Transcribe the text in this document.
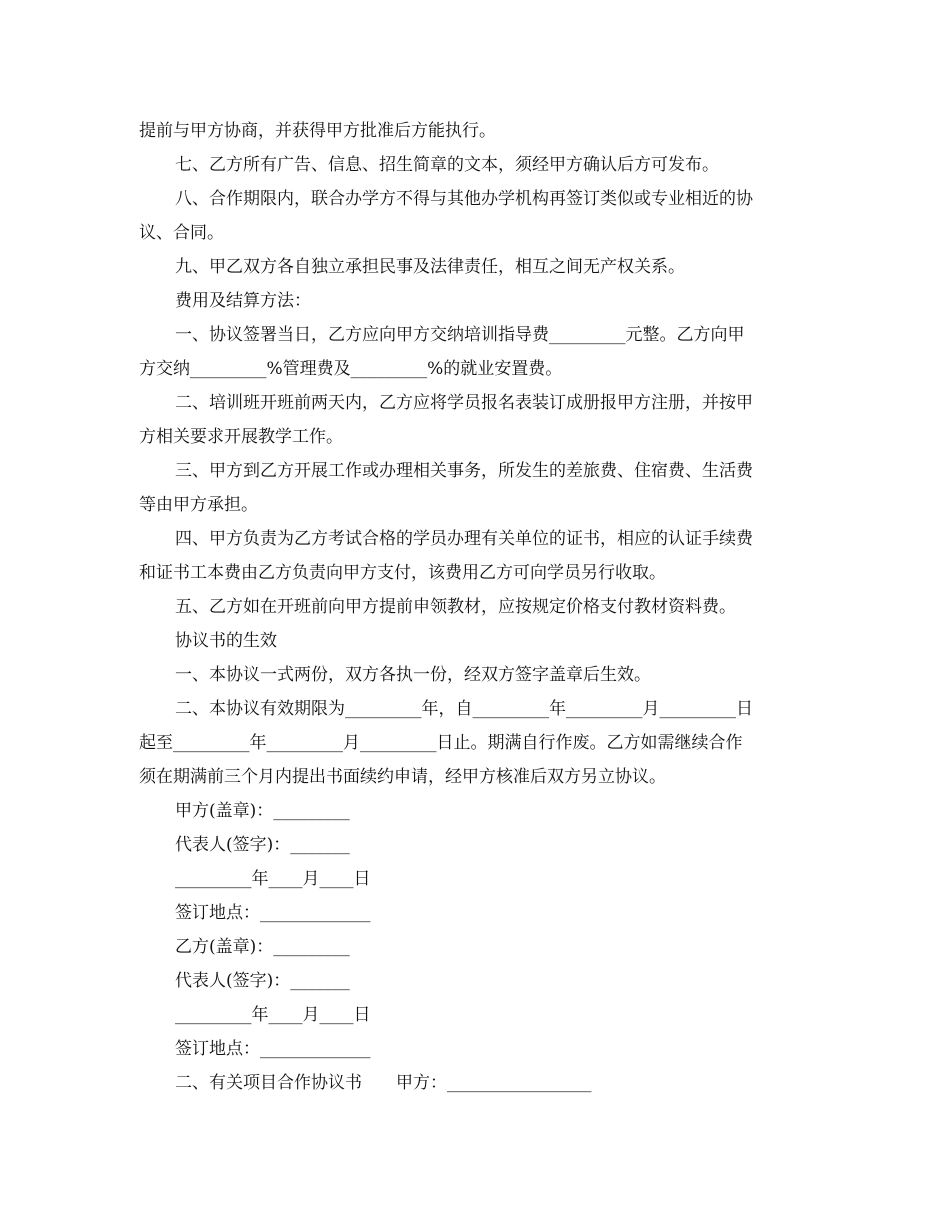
提前与甲方协商，并获得甲方批准后方能执行。
七、乙方所有广告、信息、招生简章的文本，须经甲方确认后方可发布。
八、合作期限内，联合办学方不得与其他办学机构再签订类似或专业相近的协
议、合同。
九、甲乙双方各自独立承担民事及法律责任，相互之间无产权关系。
费用及结算方法：
一、协议签署当日，乙方应向甲方交纳培训指导费_________元整。乙方向甲
方交纳_________%管理费及_________%的就业安置费。
二、培训班开班前两天内，乙方应将学员报名表装订成册报甲方注册，并按甲
方相关要求开展教学工作。
三、甲方到乙方开展工作或办理相关事务，所发生的差旅费、住宿费、生活费
等由甲方承担。
四、甲方负责为乙方考试合格的学员办理有关单位的证书，相应的认证手续费
和证书工本费由乙方负责向甲方支付，该费用乙方可向学员另行收取。
五、乙方如在开班前向甲方提前申领教材，应按规定价格支付教材资料费。
协议书的生效
一、本协议一式两份，双方各执一份，经双方签字盖章后生效。
二、本协议有效期限为_________年，自_________年_________月_________日
起至_________年_________月_________日止。期满自行作废。乙方如需继续合作
须在期满前三个月内提出书面续约申请，经甲方核准后双方另立协议。
甲方(盖章)：_________
代表人(签字)：_______
_________年____月____日
签订地点：_____________
乙方(盖章)：_________
代表人(签字)：_______
_________年____月____日
签订地点：_____________
二、有关项目合作协议书　　甲方：_________________
